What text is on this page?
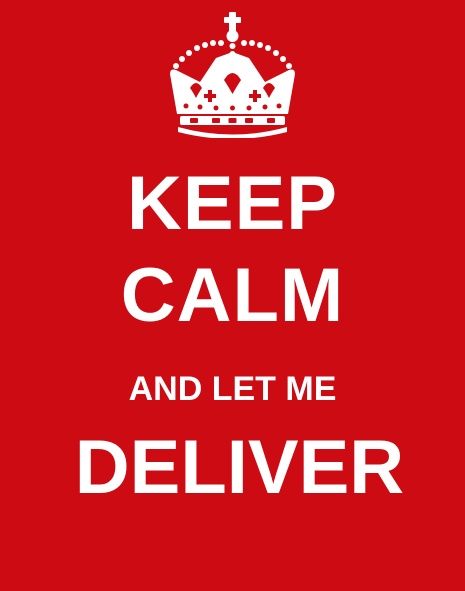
KEEP

CALM

AND LET ME

DELIVER
